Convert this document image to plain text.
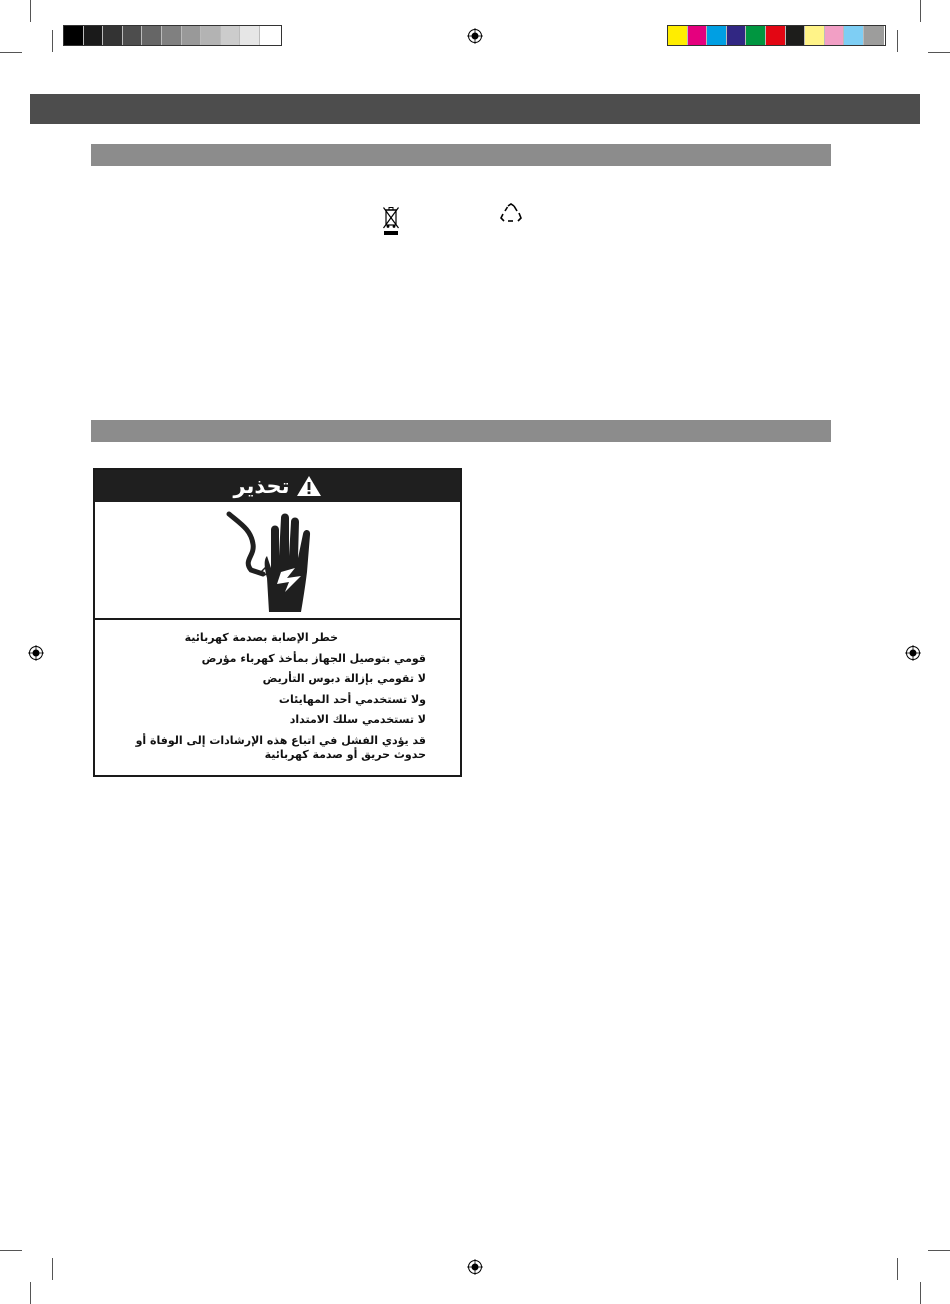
تحذير
خطر الإصابة بصدمة كهربائية
قومي بتوصيل الجهاز بمأخذ كهرباء مؤرض
لا تقومي بإزالة دبوس التأريض
ولا تستخدمي أحد المهايئات
لا تستخدمي سلك الامتداد
قد يؤدي الفشل في اتباع هذه الإرشادات إلى الوفاة أو حدوث حريق أو صدمة كهربائية
